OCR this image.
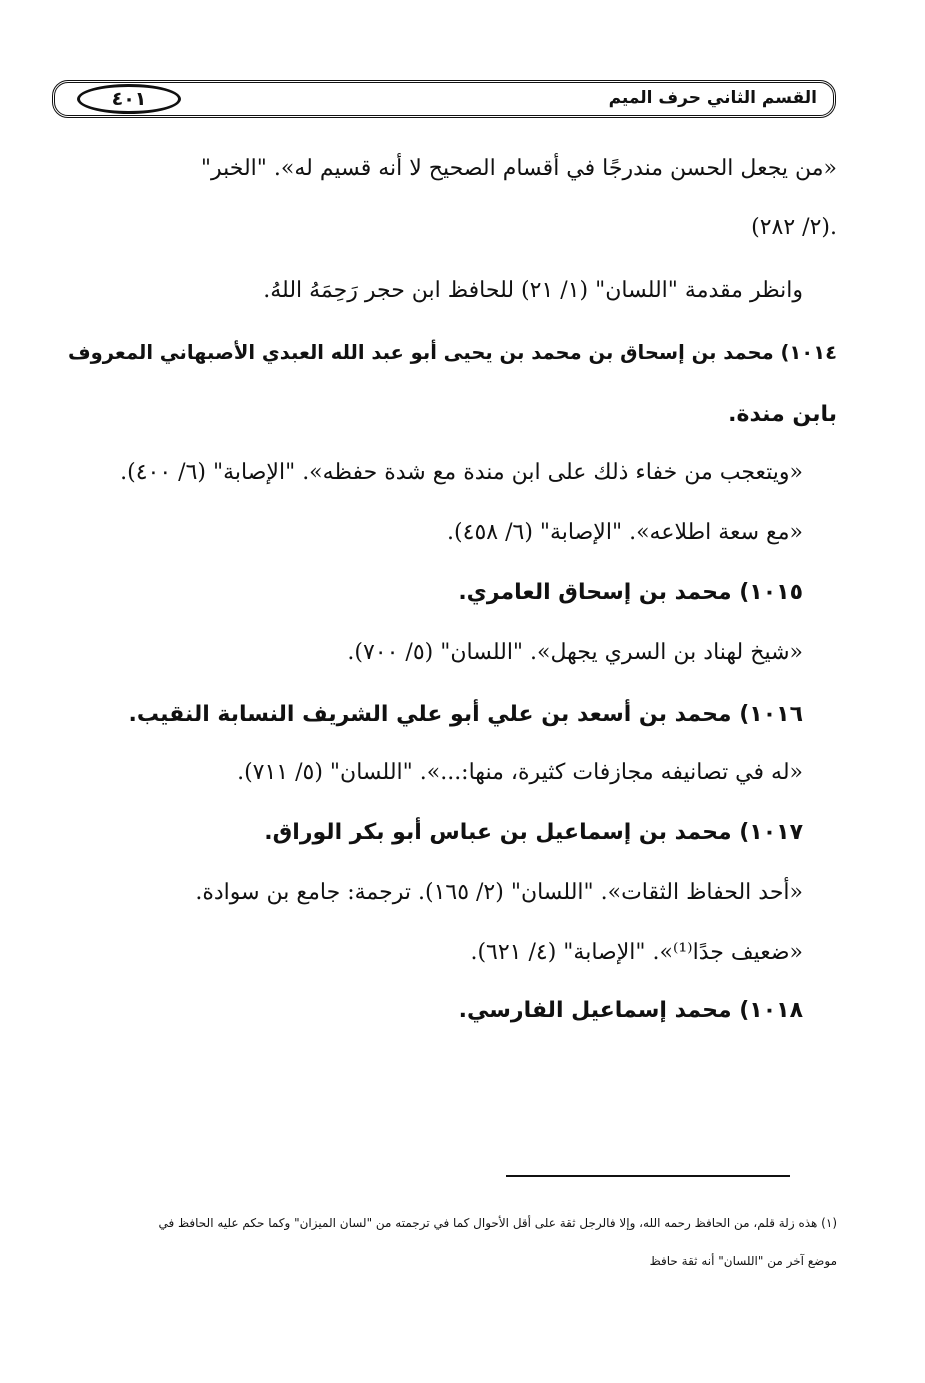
القسم الثاني حرف الميم
٤٠١
«من يجعل الحسن مندرجًا في أقسام الصحيح لا أنه قسيم له». "الخبر"
(٢/ ٢٨٢).
وانظر مقدمة "اللسان" (١/ ٢١) للحافظ ابن حجر رَحِمَهُ اللهُ.
١٠١٤) محمد بن إسحاق بن محمد بن يحيى أبو عبد الله العبدي الأصبهاني المعروف
بابن مندة.
«ويتعجب من خفاء ذلك على ابن مندة مع شدة حفظه». "الإصابة" (٦/ ٤٠٠).
«مع سعة اطلاعه». "الإصابة" (٦/ ٤٥٨).
١٠١٥) محمد بن إسحاق العامري.
«شيخ لهناد بن السري يجهل». "اللسان" (٥/ ٧٠٠).
١٠١٦) محمد بن أسعد بن علي أبو علي الشريف النسابة النقيب.
«له في تصانيفه مجازفات كثيرة، منها:...». "اللسان" (٥/ ٧١١).
١٠١٧) محمد بن إسماعيل بن عباس أبو بكر الوراق.
«أحد الحفاظ الثقات». "اللسان" (٢/ ١٦٥). ترجمة: جامع بن سوادة.
«ضعيف جدًا⁽¹⁾». "الإصابة" (٤/ ٦٢١).
١٠١٨) محمد إسماعيل الفارسي.
(١) هذه زلة قلم، من الحافظ رحمه الله، وإلا فالرجل ثقة على أقل الأحوال كما في ترجمته من "لسان الميزان" وكما حكم عليه الحافظ في
موضع آخر من "اللسان" أنه ثقة حافظ
